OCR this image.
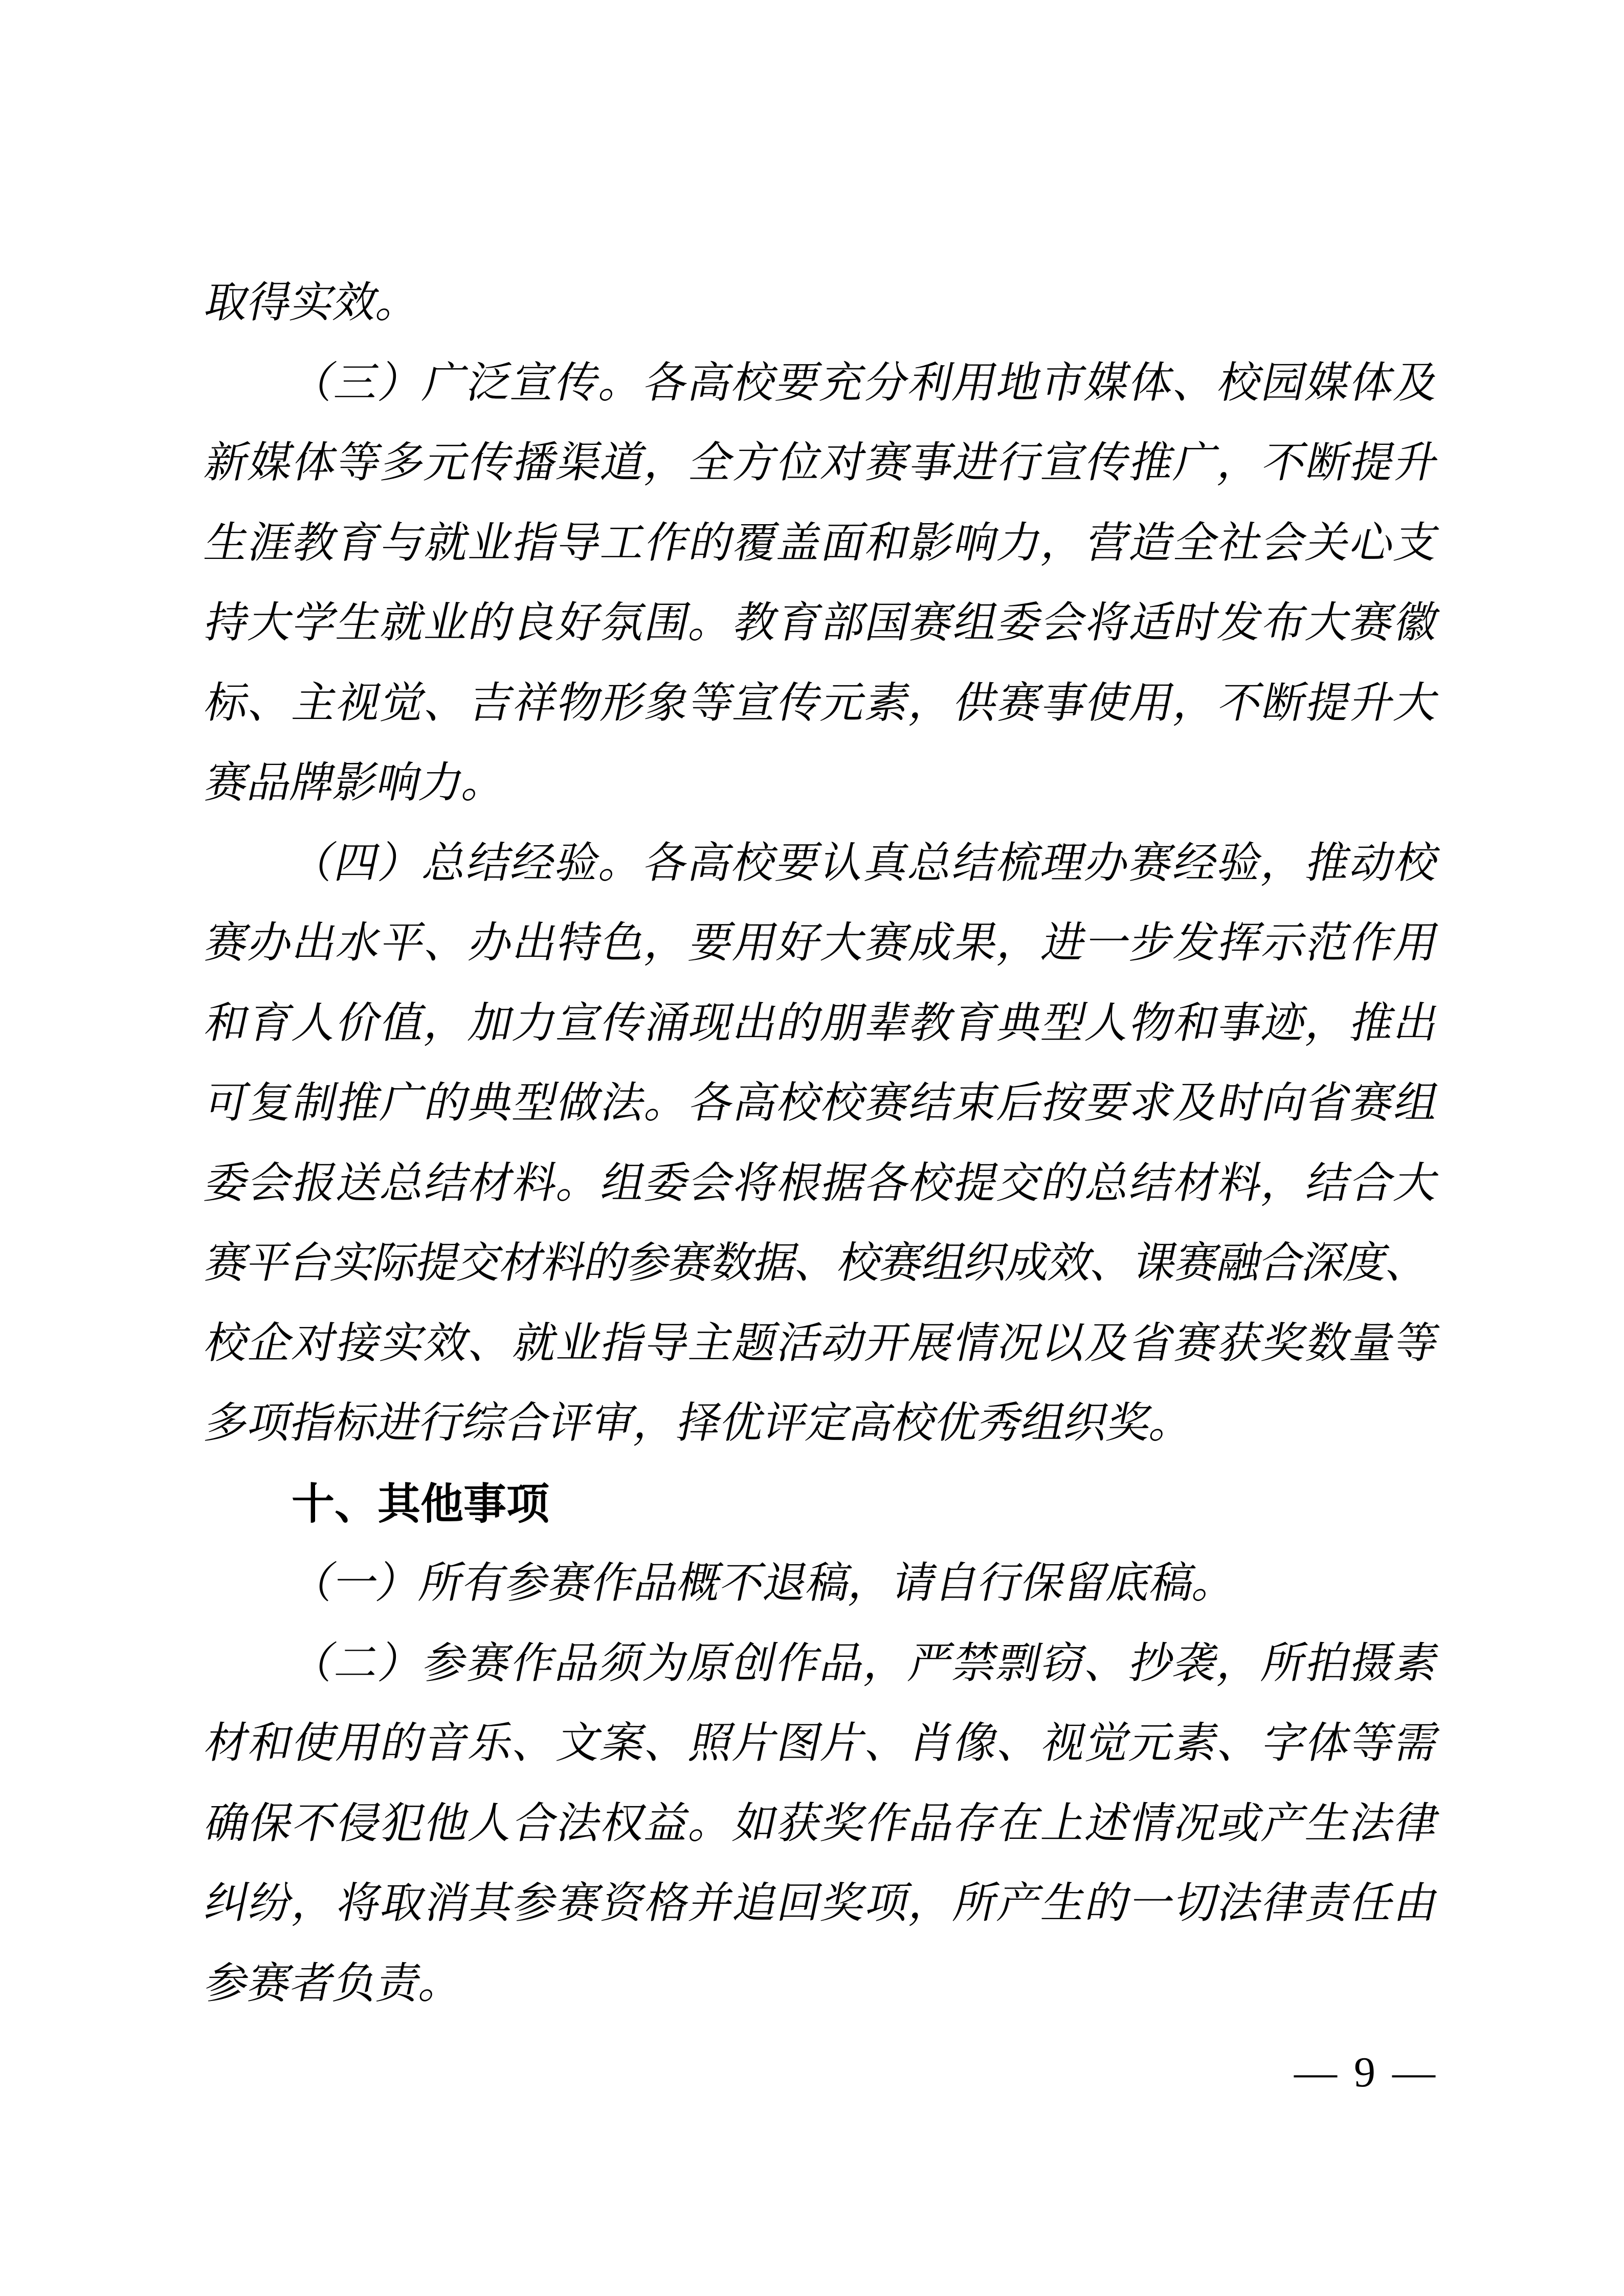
取得实效。
（三）广泛宣传。各高校要充分利用地市媒体、校园媒体及
新媒体等多元传播渠道，全方位对赛事进行宣传推广，不断提升
生涯教育与就业指导工作的覆盖面和影响力，营造全社会关心支
持大学生就业的良好氛围。教育部国赛组委会将适时发布大赛徽
标、主视觉、吉祥物形象等宣传元素，供赛事使用，不断提升大
赛品牌影响力。
（四）总结经验。各高校要认真总结梳理办赛经验，推动校
赛办出水平、办出特色，要用好大赛成果，进一步发挥示范作用
和育人价值，加力宣传涌现出的朋辈教育典型人物和事迹，推出
可复制推广的典型做法。各高校校赛结束后按要求及时向省赛组
委会报送总结材料。组委会将根据各校提交的总结材料，结合大
赛平台实际提交材料的参赛数据、校赛组织成效、课赛融合深度、
校企对接实效、就业指导主题活动开展情况以及省赛获奖数量等
多项指标进行综合评审，择优评定高校优秀组织奖。
十、其他事项
（一）所有参赛作品概不退稿，请自行保留底稿。
（二）参赛作品须为原创作品，严禁剽窃、抄袭，所拍摄素
材和使用的音乐、文案、照片图片、肖像、视觉元素、字体等需
确保不侵犯他人合法权益。如获奖作品存在上述情况或产生法律
纠纷，将取消其参赛资格并追回奖项，所产生的一切法律责任由
参赛者负责。
— 9 —
